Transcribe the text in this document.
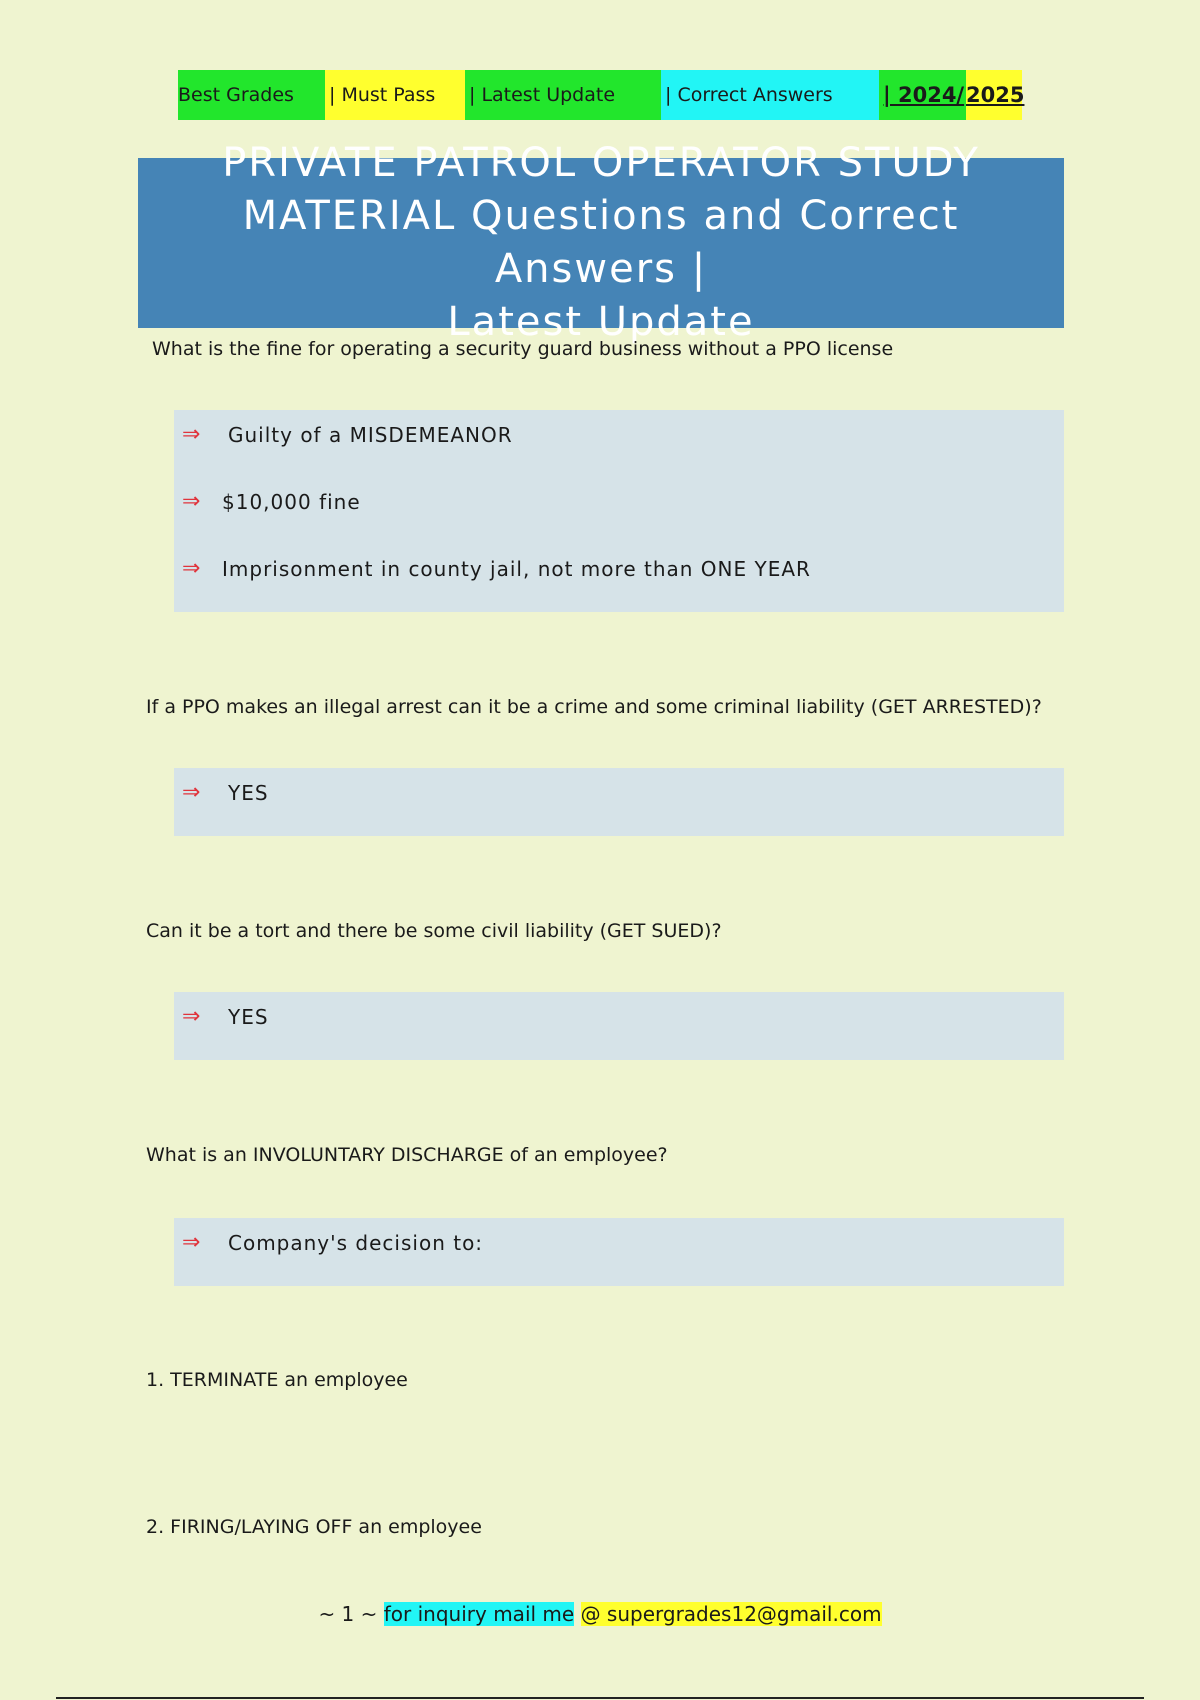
Best Grades	| Must Pass	| Latest Update	| Correct Answers	| 2024/ 2025
PRIVATE PATROL OPERATOR STUDY
MATERIAL Questions and Correct Answers |
Latest Update
What is the fine for operating a security guard business without a PPO license
⇒	Guilty of a MISDEMEANOR
⇒	$10,000 fine
⇒	Imprisonment in county jail, not more than ONE YEAR
If a PPO makes an illegal arrest can it be a crime and some criminal liability (GET ARRESTED)?
⇒	YES
Can it be a tort and there be some civil liability (GET SUED)?
⇒	YES
What is an INVOLUNTARY DISCHARGE of an employee?
⇒	Company's decision to:
1. TERMINATE an employee
2. FIRING/LAYING OFF an employee
~ 1 ~ for inquiry mail me @ supergrades12@gmail.com
